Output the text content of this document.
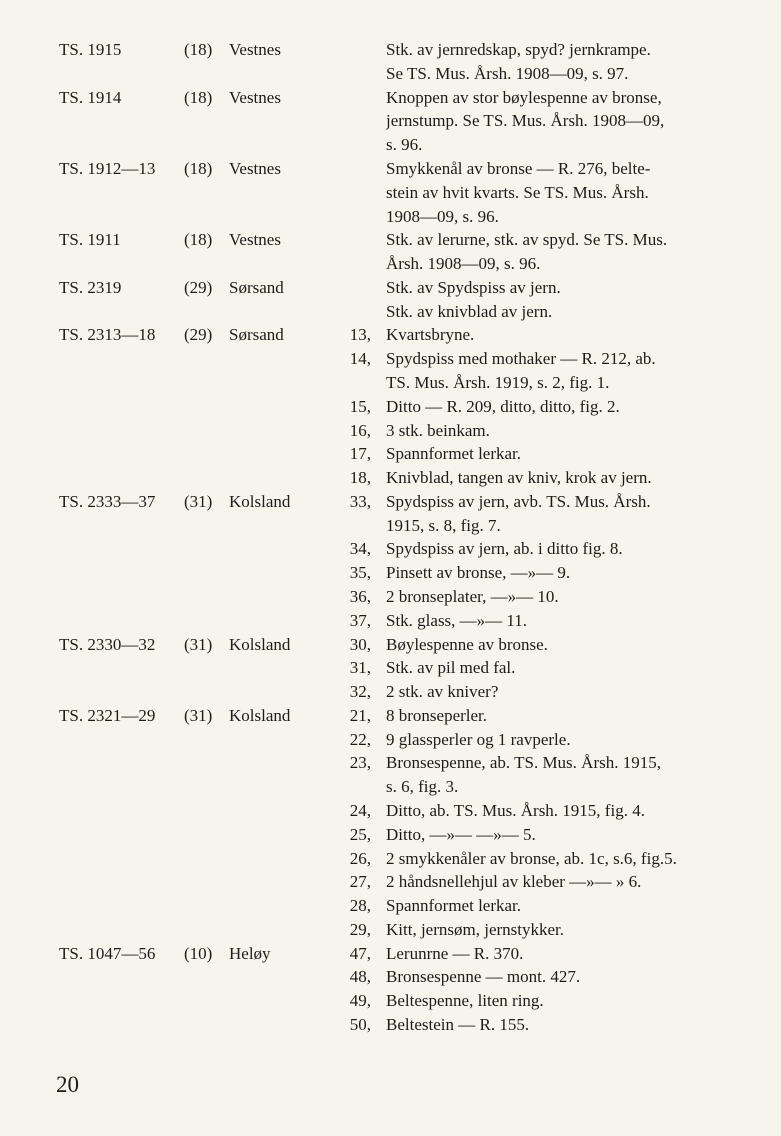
TS. 1915	(18) Vestnes	Stk. av jernredskap, spyd? jernkrampe.
Se TS. Mus. Årsh. 1908—09, s. 97.
TS. 1914	(18) Vestnes	Knoppen av stor bøylespenne av bronse,
jernstump. Se TS. Mus. Årsh. 1908—09,
s. 96.
TS. 1912—13 (18) Vestnes	Smykkenål av bronse — R. 276, belte-
stein av hvit kvarts. Se TS. Mus. Årsh.
1908—09, s. 96.
TS. 1911	(18) Vestnes	Stk. av lerurne, stk. av spyd. Se TS. Mus.
Årsh. 1908—09, s. 96.
TS. 2319	(29) Sørsand	Stk. av Spydspiss av jern.
Stk. av knivblad av jern.
TS. 2313—18 (29) Sørsand	13, Kvartsbryne.
14, Spydspiss med mothaker — R. 212, ab.
TS. Mus. Årsh. 1919, s. 2, fig. 1.
15, Ditto — R. 209, ditto, ditto, fig. 2.
16, 3 stk. beinkam.
17, Spannformet lerkar.
18, Knivblad, tangen av kniv, krok av jern.
TS. 2333—37 (31) Kolsland	33, Spydspiss av jern, avb. TS. Mus. Årsh.
1915, s. 8, fig. 7.
34, Spydspiss av jern, ab. i ditto fig. 8.
35, Pinsett av bronse, —»— 9.
36, 2 bronseplater, —»— 10.
37, Stk. glass, —»— 11.
TS. 2330—32 (31) Kolsland	30, Bøylespenne av bronse.
31, Stk. av pil med fal.
32, 2 stk. av kniver?
TS. 2321—29 (31) Kolsland	21, 8 bronseperler.
22, 9 glassperler og 1 ravperle.
23, Bronsespenne, ab. TS. Mus. Årsh. 1915,
s. 6, fig. 3.
24, Ditto, ab. TS. Mus. Årsh. 1915, fig. 4.
25, Ditto, —»— —»— 5.
26, 2 smykkenåler av bronse, ab. 1c, s.6, fig.5.
27, 2 håndsnellehjul av kleber —»— » 6.
28, Spannformet lerkar.
29, Kitt, jernsøm, jernstykker.
TS. 1047—56 (10) Heløy	47, Lerunrne — R. 370.
48, Bronsespenne — mont. 427.
49, Beltespenne, liten ring.
50, Beltestein — R. 155.
20
